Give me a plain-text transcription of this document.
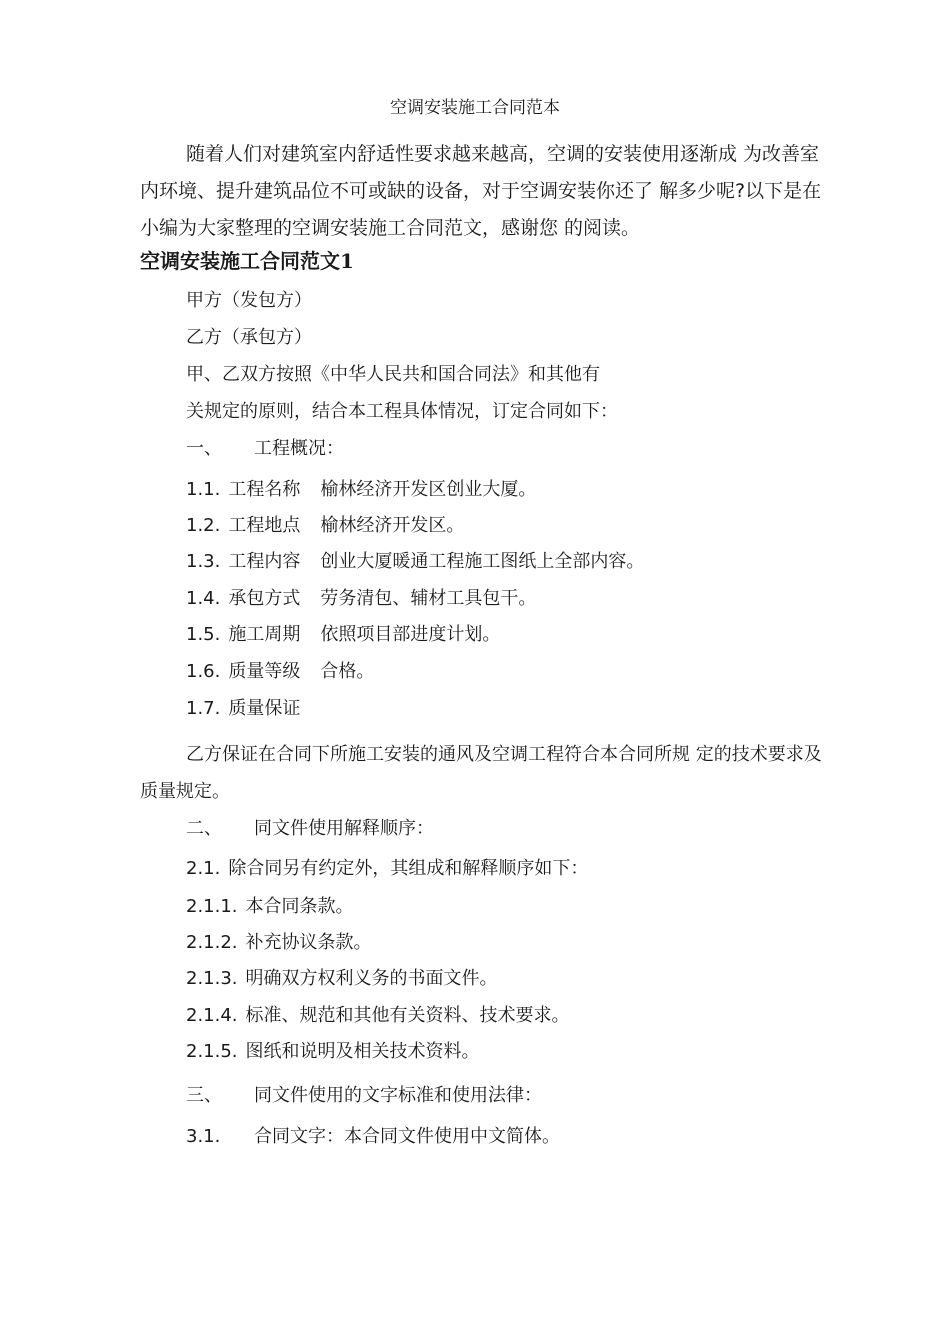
空调安装施工合同范本

随着人们对建筑室内舒适性要求越来越高，空调的安装使用逐渐成 为改善室内环境、提升建筑品位不可或缺的设备，对于空调安装你还了 解多少呢?以下是在小编为大家整理的空调安装施工合同范文，感谢您 的阅读。

空调安装施工合同范文1

甲方（发包方）

乙方（承包方）

甲、乙双方按照《中华人民共和国合同法》和其他有

关规定的原则，结合本工程具体情况，订定合同如下：

一、 工程概况：

1.1. 工程名称 榆林经济开发区创业大厦。

1.2. 工程地点 榆林经济开发区。

1.3. 工程内容 创业大厦暖通工程施工图纸上全部内容。

1.4. 承包方式 劳务清包、辅材工具包干。

1.5. 施工周期 依照项目部进度计划。

1.6. 质量等级 合格。

1.7. 质量保证

乙方保证在合同下所施工安装的通风及空调工程符合本合同所规 定的技术要求及质量规定。

二、 同文件使用解释顺序：

2.1. 除合同另有约定外，其组成和解释顺序如下：

2.1.1. 本合同条款。

2.1.2. 补充协议条款。

2.1.3. 明确双方权利义务的书面文件。

2.1.4. 标准、规范和其他有关资料、技术要求。

2.1.5. 图纸和说明及相关技术资料。

三、 同文件使用的文字标准和使用法律：

3.1. 合同文字：本合同文件使用中文简体。
